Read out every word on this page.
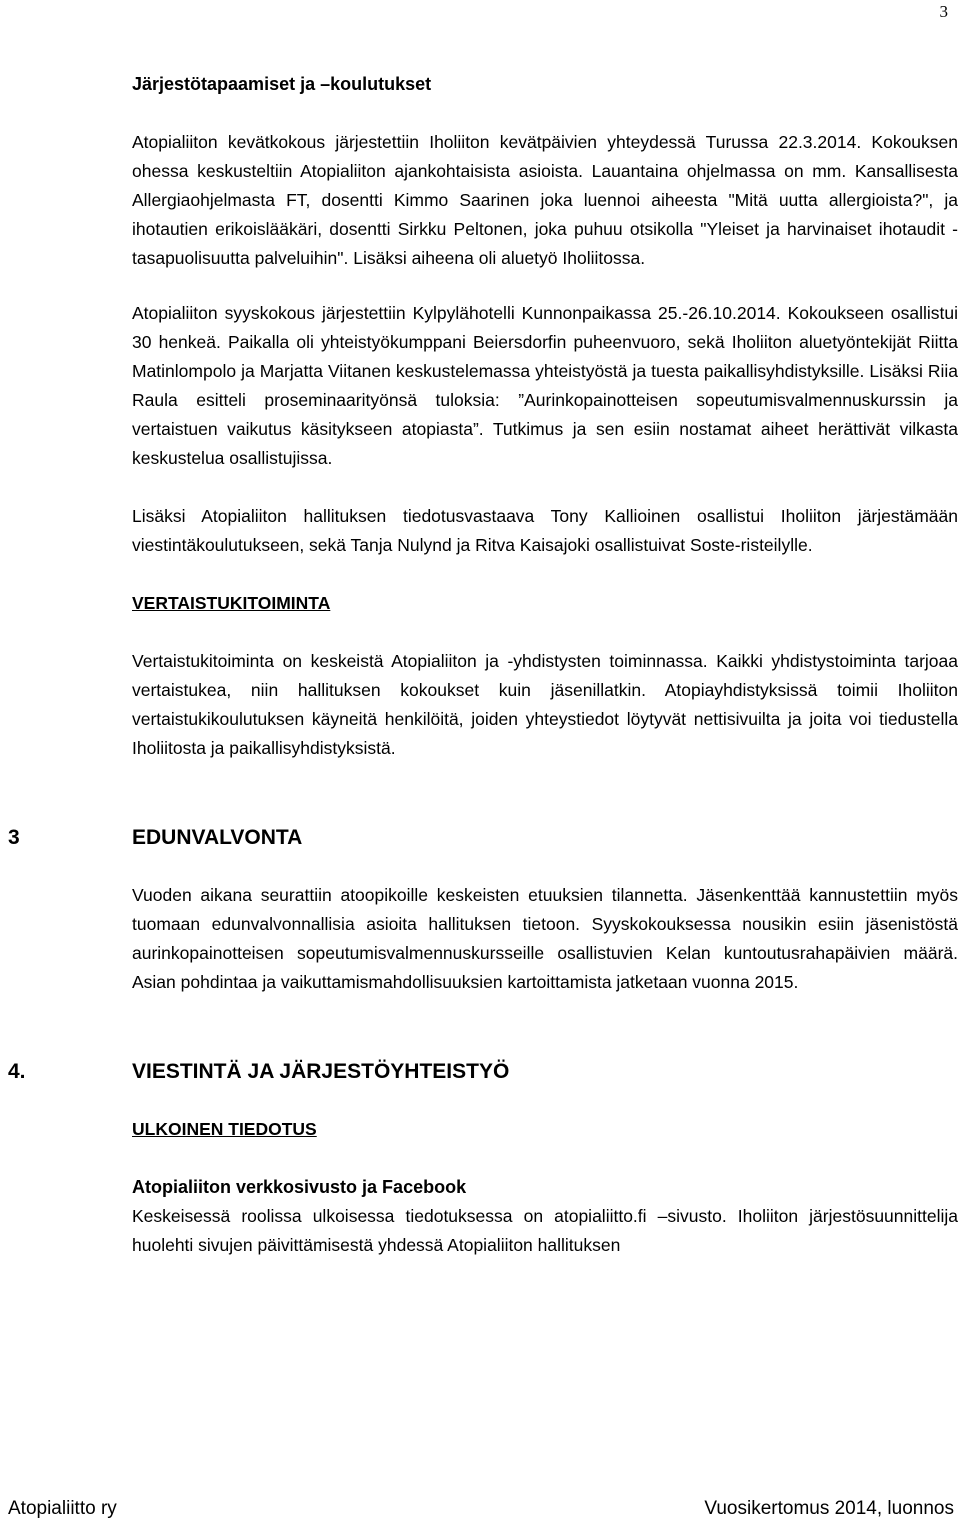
3

Järjestötapaamiset ja –koulutukset

Atopialiiton kevätkokous järjestettiin Iholiiton kevätpäivien yhteydessä Turussa 22.3.2014. Kokouksen ohessa keskusteltiin Atopialiiton ajankohtaisista asioista. Lauantaina ohjelmassa on mm. Kansallisesta Allergiaohjelmasta FT, dosentti Kimmo Saarinen joka luennoi aiheesta "Mitä uutta allergioista?", ja ihotautien erikoislääkäri, dosentti Sirkku Peltonen, joka puhuu otsikolla "Yleiset ja harvinaiset ihotaudit - tasapuolisuutta palveluihin". Lisäksi aiheena oli aluetyö Iholiitossa.

Atopialiiton syyskokous järjestettiin Kylpylähotelli Kunnonpaikassa 25.-26.10.2014. Kokoukseen osallistui 30 henkeä. Paikalla oli yhteistyökumppani Beiersdorfin puheenvuoro, sekä Iholiiton aluetyöntekijät Riitta Matinlompolo ja Marjatta Viitanen keskustelemassa yhteistyöstä ja tuesta paikallisyhdistyksille. Lisäksi Riia Raula esitteli proseminaarityönsä tuloksia: ”Aurinkopainotteisen sopeutumisvalmennuskurssin ja vertaistuen vaikutus käsitykseen atopiasta”. Tutkimus ja sen esiin nostamat aiheet herättivät vilkasta keskustelua osallistujissa.

Lisäksi Atopialiiton hallituksen tiedotusvastaava Tony Kallioinen osallistui Iholiiton järjestämään viestintäkoulutukseen, sekä Tanja Nulynd ja Ritva Kaisajoki osallistuivat Soste-risteilylle.

VERTAISTUKITOIMINTA

Vertaistukitoiminta on keskeistä Atopialiiton ja -yhdistysten toiminnassa. Kaikki yhdistystoiminta tarjoaa vertaistukea, niin hallituksen kokoukset kuin jäsenillatkin. Atopiayhdistyksissä toimii Iholiiton vertaistukikoulutuksen käyneitä henkilöitä, joiden yhteystiedot löytyvät nettisivuilta ja joita voi tiedustella Iholiitosta ja paikallisyhdistyksistä.

3	EDUNVALVONTA

Vuoden aikana seurattiin atoopikoille keskeisten etuuksien tilannetta. Jäsenkenttää kannustettiin myös tuomaan edunvalvonnallisia asioita hallituksen tietoon. Syyskokouksessa nousikin esiin jäsenistöstä aurinkopainotteisen sopeutumisvalmennuskursseille osallistuvien Kelan kuntoutusrahapäivien määrä. Asian pohdintaa ja vaikuttamismahdollisuuksien kartoittamista jatketaan vuonna 2015.

4.	VIESTINTÄ JA JÄRJESTÖYHTEISTYÖ

ULKOINEN TIEDOTUS

Atopialiiton verkkosivusto ja Facebook

Keskeisessä roolissa ulkoisessa tiedotuksessa on atopialiitto.fi –sivusto. Iholiiton järjestösuunnittelija huolehti sivujen päivittämisestä yhdessä Atopialiiton hallituksen

Atopialiitto ry	Vuosikertomus 2014, luonnos
